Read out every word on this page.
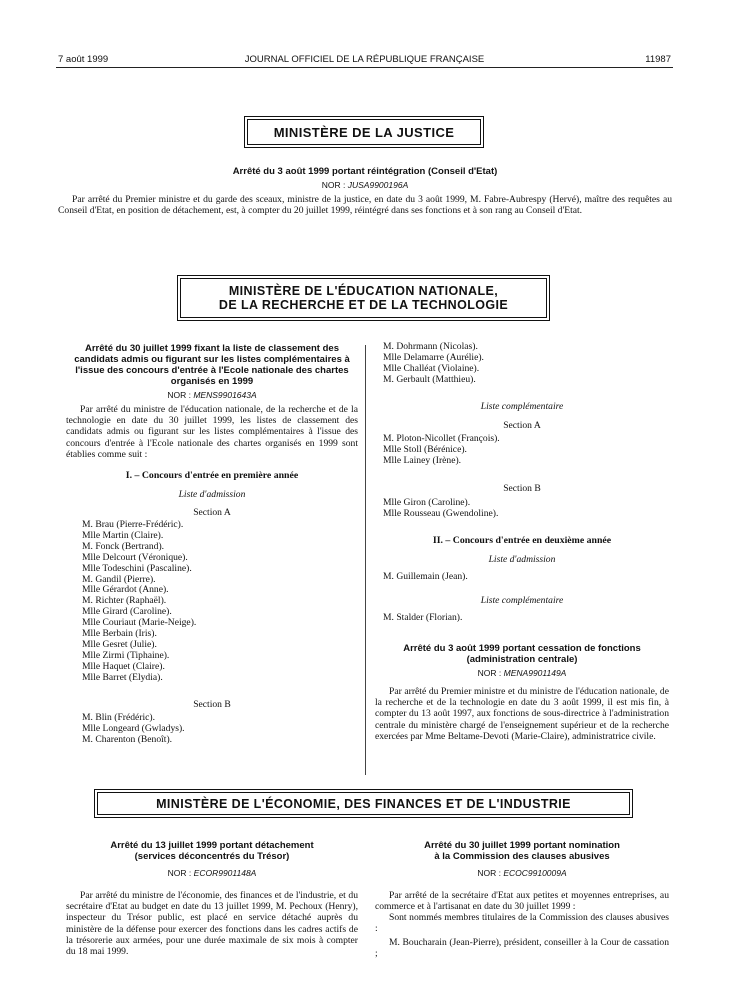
7 août 1999	JOURNAL OFFICIEL DE LA RÉPUBLIQUE FRANÇAISE	11987
MINISTÈRE DE LA JUSTICE
Arrêté du 3 août 1999 portant réintégration (Conseil d'Etat)
NOR : JUSA9900196A
Par arrêté du Premier ministre et du garde des sceaux, ministre de la justice, en date du 3 août 1999, M. Fabre-Aubrespy (Hervé), maître des requêtes au Conseil d'Etat, en position de détachement, est, à compter du 20 juillet 1999, réintégré dans ses fonctions et à son rang au Conseil d'Etat.
MINISTÈRE DE L'ÉDUCATION NATIONALE,
DE LA RECHERCHE ET DE LA TECHNOLOGIE
Arrêté du 30 juillet 1999 fixant la liste de classement des candidats admis ou figurant sur les listes complémentaires à l'issue des concours d'entrée à l'Ecole nationale des chartes organisés en 1999
NOR : MENS9901643A
Par arrêté du ministre de l'éducation nationale, de la recherche et de la technologie en date du 30 juillet 1999, les listes de classement des candidats admis ou figurant sur les listes complémentaires à l'issue des concours d'entrée à l'Ecole nationale des chartes organisés en 1999 sont établies comme suit :
I. – Concours d'entrée en première année
Liste d'admission
Section A
M. Brau (Pierre-Frédéric).
Mlle Martin (Claire).
M. Fonck (Bertrand).
Mlle Delcourt (Véronique).
Mlle Todeschini (Pascaline).
M. Gandil (Pierre).
Mlle Gérardot (Anne).
M. Richter (Raphaël).
Mlle Girard (Caroline).
Mlle Couriaut (Marie-Neige).
Mlle Berbain (Iris).
Mlle Gesret (Julie).
Mlle Zirmi (Tiphaine).
Mlle Haquet (Claire).
Mlle Barret (Elydia).
Section B
M. Blin (Frédéric).
Mlle Longeard (Gwladys).
M. Charenton (Benoît).
M. Dohrmann (Nicolas).
Mlle Delamarre (Aurélie).
Mlle Challéat (Violaine).
M. Gerbault (Matthieu).
Liste complémentaire
Section A
M. Ploton-Nicollet (François).
Mlle Stoll (Bérénice).
Mlle Lainey (Irène).
Section B
Mlle Giron (Caroline).
Mlle Rousseau (Gwendoline).
II. – Concours d'entrée en deuxième année
Liste d'admission
M. Guillemain (Jean).
Liste complémentaire
M. Stalder (Florian).
Arrêté du 3 août 1999 portant cessation de fonctions
(administration centrale)
NOR : MENA9901149A
Par arrêté du Premier ministre et du ministre de l'éducation nationale, de la recherche et de la technologie en date du 3 août 1999, il est mis fin, à compter du 13 août 1997, aux fonctions de sous-directrice à l'administration centrale du ministère chargé de l'enseignement supérieur et de la recherche exercées par Mme Beltame-Devoti (Marie-Claire), administratrice civile.
MINISTÈRE DE L'ÉCONOMIE, DES FINANCES ET DE L'INDUSTRIE
Arrêté du 13 juillet 1999 portant détachement
(services déconcentrés du Trésor)
NOR : ECOR9901148A
Par arrêté du ministre de l'économie, des finances et de l'industrie, et du secrétaire d'Etat au budget en date du 13 juillet 1999, M. Pechoux (Henry), inspecteur du Trésor public, est placé en service détaché auprès du ministère de la défense pour exercer des fonctions dans les cadres actifs de la trésorerie aux armées, pour une durée maximale de six mois à compter du 18 mai 1999.
Arrêté du 30 juillet 1999 portant nomination
à la Commission des clauses abusives
NOR : ECOC9910009A
Par arrêté de la secrétaire d'Etat aux petites et moyennes entreprises, au commerce et à l'artisanat en date du 30 juillet 1999 :
Sont nommés membres titulaires de la Commission des clauses abusives :
M. Boucharain (Jean-Pierre), président, conseiller à la Cour de cassation ;
